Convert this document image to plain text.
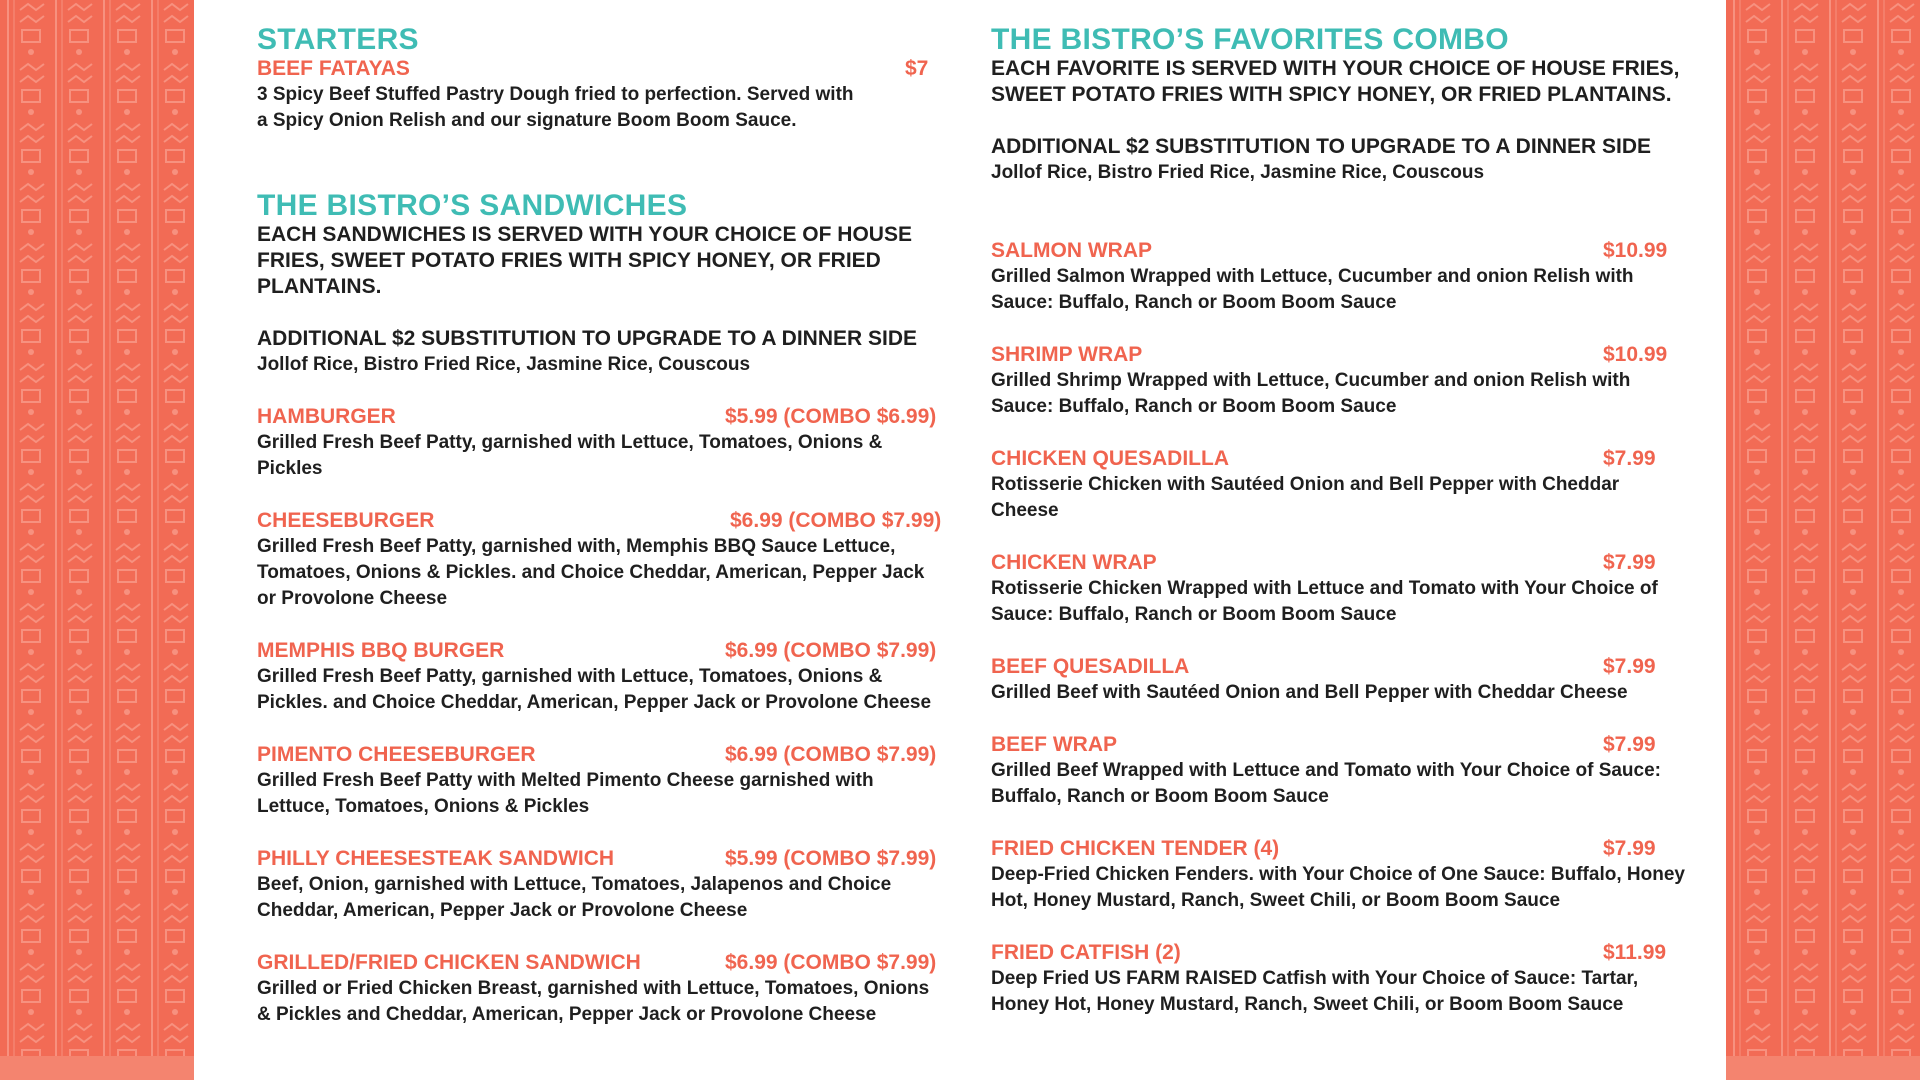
STARTERS
BEEF FATAYAS	$7
3 Spicy Beef Stuffed Pastry Dough fried to perfection. Served with a Spicy Onion Relish and our signature Boom Boom Sauce.
THE BISTRO’S SANDWICHES
EACH SANDWICHES IS SERVED WITH YOUR CHOICE OF HOUSE FRIES, SWEET POTATO FRIES WITH SPICY HONEY, OR FRIED PLANTAINS.
ADDITIONAL $2 SUBSTITUTION TO UPGRADE TO A DINNER SIDE
Jollof Rice, Bistro Fried Rice, Jasmine Rice, Couscous
HAMBURGER	$5.99 (COMBO $6.99)
Grilled Fresh Beef Patty, garnished with Lettuce, Tomatoes, Onions & Pickles
CHEESEBURGER	$6.99 (COMBO $7.99)
Grilled Fresh Beef Patty, garnished with, Memphis BBQ Sauce Lettuce, Tomatoes, Onions & Pickles. and Choice Cheddar, American, Pepper Jack or Provolone Cheese
MEMPHIS BBQ BURGER	$6.99 (COMBO $7.99)
Grilled Fresh Beef Patty, garnished with Lettuce, Tomatoes, Onions & Pickles. and Choice Cheddar, American, Pepper Jack or Provolone Cheese
PIMENTO CHEESEBURGER	$6.99 (COMBO $7.99)
Grilled Fresh Beef Patty with Melted Pimento Cheese garnished with Lettuce, Tomatoes, Onions & Pickles
PHILLY CHEESESTEAK SANDWICH	$5.99 (COMBO $7.99)
Beef, Onion, garnished with Lettuce, Tomatoes, Jalapenos and Choice Cheddar, American, Pepper Jack or Provolone Cheese
GRILLED/FRIED CHICKEN SANDWICH	$6.99 (COMBO $7.99)
Grilled or Fried Chicken Breast, garnished with Lettuce, Tomatoes, Onions & Pickles and Cheddar, American, Pepper Jack or Provolone Cheese
THE BISTRO’S FAVORITES COMBO
EACH FAVORITE IS SERVED WITH YOUR CHOICE OF HOUSE FRIES, SWEET POTATO FRIES WITH SPICY HONEY, OR FRIED PLANTAINS.
ADDITIONAL $2 SUBSTITUTION TO UPGRADE TO A DINNER SIDE
Jollof Rice, Bistro Fried Rice, Jasmine Rice, Couscous
SALMON WRAP	$10.99
Grilled Salmon Wrapped with Lettuce, Cucumber and onion Relish with Sauce: Buffalo, Ranch or Boom Boom Sauce
SHRIMP WRAP	$10.99
Grilled Shrimp Wrapped with Lettuce, Cucumber and onion Relish with Sauce: Buffalo, Ranch or Boom Boom Sauce
CHICKEN QUESADILLA	$7.99
Rotisserie Chicken with Sautéed Onion and Bell Pepper with Cheddar Cheese
CHICKEN WRAP	$7.99
Rotisserie Chicken Wrapped with Lettuce and Tomato with Your Choice of Sauce: Buffalo, Ranch or Boom Boom Sauce
BEEF QUESADILLA	$7.99
Grilled Beef with Sautéed Onion and Bell Pepper with Cheddar Cheese
BEEF WRAP	$7.99
Grilled Beef Wrapped with Lettuce and Tomato with Your Choice of Sauce: Buffalo, Ranch or Boom Boom Sauce
FRIED CHICKEN TENDER (4)	$7.99
Deep-Fried Chicken Fenders. with Your Choice of One Sauce: Buffalo, Honey Hot, Honey Mustard, Ranch, Sweet Chili, or Boom Boom Sauce
FRIED CATFISH (2)	$11.99
Deep Fried US FARM RAISED Catfish with Your Choice of Sauce: Tartar, Honey Hot, Honey Mustard, Ranch, Sweet Chili, or Boom Boom Sauce
